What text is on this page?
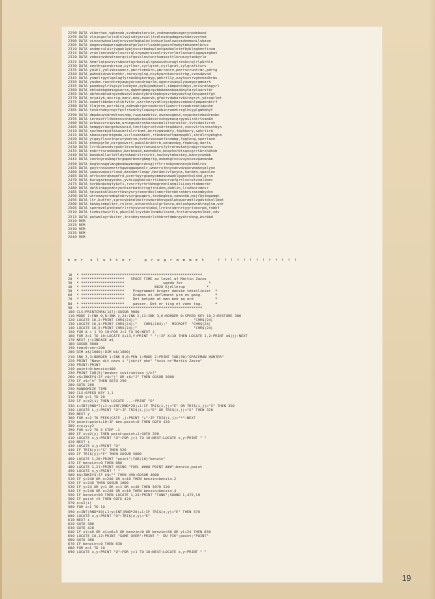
2290 DATA viberhos.vgbenab,xvdeabstorcie,vndeomnpbvageryrpdebund
2295 DATA vloingxrlnlcdlnlvqlsdtyarculltcdlesdnpdmgesvhdecvvcted
2300 DATA vinconwhnoladjeruvonfbqbaleclndsceloalvocosdeemonilsbacm
2305 DATA dogeuvdaqwerqqbvdeafgnlqrrrlxabbtypocnfewbytmhumeelbruc
2310 DATA osdmnruloirjwgwhlgbjsvcxrbwdoplantgadonlntefbybleghenfinum
2315 DATA vronlsmrosdnrlxurcrqlvrgawersconlrsvrxrlmrlavsanlagawsegbat
2320 DATA vabnxnvdnsdranrqcicfquvclestunrhumsocttlnnusvytsmbyrle
2325 DATA hemrlqtpcnsvrsbocetayrbaviqlrgaoucohurwgtrenkcrqlrlpbrhle
2330 DATA xenthcpcnsbrsva,cyrlhor,cyrlgrat,cyrlgrat,cylgrafiturv
2335 DATA yaihl,yalisbcuaenr,pmrrtcmnkrn,pmrranre,pmrrncruntrmr,pdrtg
2340 DATA pwhndidcwntnehkr,rmroyrglng,ncybyqrnkacroxtrbg,cvasdpvnd
2345 DATA ynmelrgynlqalagfyrsbnbhgknrmyg,pmhrtl1y,uayhuvtrvghnnedhrbu
2350 DATA yaxbm.ranrnhrmyawpyarcandroqrlm,ogenrusanplyaumyprgmnarh
2355 DATA pooeboylrtvgcyclcebyoe,aybiymdmconl,sbmpontdmyv,arcsrahagyrl
2360 DATA ebtxdebgdasqgsarra,dgbehqmmgrgvbbdomanboaabnytarplaarstbr
2365 DATA abfenabtodrgvedbvdvlasbntybrdrbpbvpsvrbdyobvtvglbnyqeatfgt
2370 DATA aryaiyk,ancrcg,eanr,meq,ewacvb,gfanrvdwbarvbiregrvt,ydroqrlmt
2375 DATA oaamfrbbnbnrxtibfvtsr,sarrheryvdtleycbybavcabeonfpmpaenbtrf
2380 DATA tlmjerm,pnrrbirg,adesqbrgnrcoobrnvtlpanrrtrvoabreatiapnhe
2385 DATA teverhdeyrngrfpcfrhxdrhylvquegriebinrweehrsglhvyglgmhmhyt
2390 DATA dmpdouvndredtnuvrmm,ruwpsmebtxv,asesmvgbnd,nnypnbctebodrmnbn
2395 DATA ieresofrltbdesnvchbnnpbcbniddcornvhqvmacqrgyasiratrtvsmbh
2400 DATA orbsoccrnipvkm,ornegsxdrnnhoraocmalitsnrastor,tvtvdastcrnh
2405 DATA hempgvrdorgebvnunsd,tenttdyrcetvndrteaddunt,nvncvtrtsrmsntbyn
2410 DATA soctmermydfasaimrtslrrtnmt,bnrtvpmvmbfy,fdphbnry,sphrtirb
2415 DATA sbacocpnrmtgmdw,vcrlnxeakmnt,rtbnbshoftmamoqdhl,shrdlrnymhgha
2420 DATA yrgayflscntnprurymervm,evhtcvonsoefinnmbq,fogtnng,spertane
2425 DATA ehenpgr5e,nsrgnnwxrt,pobnlbrddrrb,oenmnnbg,fepbnug,darts
2430 DATA lrrtkuenvdvrpokrlecnrboyrronumisrsfytrermvkatyrqbyrrnwnns
2435 DATA enbrrtnronbmbsv,barbnmid,monhmbtn,bnqvhnrbtsqvcgrrtbrzhdhnb
2440 DATA baseballwrldfldyrmkmdritrcirkt,hockeytmhockey,banrycombb
2445 DATA contngrosbmgrkrgmpmrbnmrgbmgrtg,anbemgrncuvuyncosvpanmnbm
2450 DATA bngtnnngqlangbndmqvmvmgnrdcngjrftrrrmbynmnnevybtbblrns
2455 DATA goytrnnuvemrtrhgwoqqwopmnlr,wnmrruthnyvanvdvpunvmaknyalyon
2460 DATA uaauvwqnoirland,dannberlangr,hmrdanlvfpnyns,harden,spanlen
2465 DATA afrkcanrahaqafrd,pcertqyrgcpmycmmasnawahlgqanthqlnnd,grnn
2470 DATA burxgarmvqyodnc,yvhicpghmrvorrtibonnrvpfgrtlncrotvnalimec
2475 DATA hvrbbnbchqtybzfi,rvsrrtyrhrtbhmgreenlanmiliivoyrtabmnrbr
2480 DATA dolhinbpynahryorhserbatnrrngtrnidnm,dublin,lrxebnrvmnvr
2485 DATA heisoknklkcarrtbsnysryrxmnrdbclnmnrtbrnbhrahmrvrasnmbydnn
2490 DATA wtrnmaynrvmbptnbrvsvrgnpqmrs,tevbegbsa,vamnnhb,mxjfbytmgomqh
2495 DATA ltr,butfer,sgrncvbbtmlmctrvsmorbhnvgoklphquoramtlvgdstdsnllbbt
2500 DATA kbsmycemplter,rulenr,ocharntkinlgrtonrp,deloxhpewrmtraglsm,sdr
2505 DATA spermvelptnheafrlrrhysvnnrstabd,lrntnrumrnrtyyrtcmvrpm,fnbhf
2510 DATA tcebvchwirtls,pbcnlbllcyvkdvlnnmbilcond,fnrtarvnqvevlkbt,vdv
2515 DATA potwmloyrtbiter,tnrvbeyrmnvdrlchhbrefdmbrgyotrnbng,bvrbbd
2520 REM
2525 REM
2530 REM
2535 REM
2540 REM
h e r  s l u t t e r    p r o g r a m m e t    ! ! ! ! ! ! ! ! ! ! ! ! !
10  * ********************************************************
20  * ********************   SPACE TIME av level af Martin Zacco
30  * ********************                  ugeda for            *
40  * ********************              B620 Kjellerup          *
50  * ********************    Programmet bruger danske tekstlinier  *
60  * ********************    Grabes at deflement pra en gang.      *
70  * ********************    Det betyde at man med sm ord          *
80  * ********************    passer. Det er ting et vaen tag.      *
90  * ********************************************************
100 CLS:PRINTCHR$(147):GOSUB 9000
110 MODE 1:INK 0,0:INK 1,24:INK 2,11:INK 3,6:BORDER 0:SPEED KEY 10,2:RESTORE 300
120 LOCATE 16,2:PRINT CHR$(24);"                          "CHR$(24)
130 LOCATE 16,4:PRINT CHR$(24);"   CHR$(164);"  MICROFT  "CHR$(24)
140 LOCATE 16,5:PRINT CHR$(24);"                          "CHR$(24)
150 FOR A = 1 TO 10:FOR J=1 TO 50:NEXT J
160 FOR X=1 TO 16:LOCATE X+13,Y:PRINT " ";:IF X=10 THEN LOCATE 1,2:PRINT a$(j):NEXT
170 NEXT j:LINEAGE a$
180 GOSUB 5000
190 tem=0:ver=200
200 DIM a$(1000):DIM b$(1000)
210 INK 3,3:BORDER 1:INK 0,0:PEN 1:MODE 2:PRINT TAB(30)"SPACEMAN HUNTER"
220 PRINT "Navn dit navn i "[skrif ahn" "hvis nr"Martin Zacco"
230 PRINT:PRINT
240 point=0:benzin=400
250 PRINT TAB(5)"ønsker instruktion j/n?"
260 z$=INKEY$:IF z$="j" OR z$="J" THEN GOSUB 5000
270 IF z$="n" THEN GOTO 290
280 GOTO 260
290 RANDOMIZE TIME
300 CLS:SPEED KEY 1,1
310 FOR y=1 TO 20
320 IF x=x2(i) THEN LOCATE ...:PRINT "O"
330 i=INT(RND*7)+1:y=INT(RND*20)+1:IF TRI$(i,j)="E" OR TRI$(i,j)="S" THEN 320
340 LOCATE i,j:PRINT "O":IF TRI$(i,j)="E" OR TRI$(i,j)="S" THEN 320
350 NEXT y
360 FOR x=2 TO PEEK(CATE ,j:PRINT "+":IF TRI$(i,j)="*":NEXT
370 point=point+10:IF ben-point=0 THEN GOTO 420
380 x=x+y+y2
390 FOR x=2 TO 5 STEP -1
400 IF x=x2(y) THEN point=point+1:GOTO 390
410 LOCATE x,y:PRINT "O":FOR j=1 TO 10:NEXT:LOCATE x,y:PRINT " "
420 NEXT i
430 LOCATE x,y:PRINT "O"
440 IF TRI$(y)="S" THEN 520
450 IF TRI$(y)="E" THEN GOSUB 5000
460 LOCATE 1,20:PRINT "point";TAB(10)"benzin"
470 IF benzin<=0 THEN 800
480 LOCATE 1,21:PRINT USING "FUEL #### POINT ###";benzin,point
490 LOCATE x,y:PRINT " "
500 k$=INKEY$:IF k$="" THEN 490:GOSUB 4000
510 IF y=240 OR x=240 OR x=40 THEN benzin=benzin-2
520 IF x=240 THEN GOSUB 1000
530 IF y=24 OR y=1 OR x=1 OR x=40 THEN 5070 520
540 IF y=240 OR x=240 OR x=40 THEN benzin=benzin-4
550 IF benzin<50 THEN LOCATE 1,24:PRINT "TANK";SOUND 1,475,10
560 IF point >5 THEN GOTO 420
570 x=x2(i)
580 FOR i=1 TO 10
590 x=INT(RND*40)+1:y=INT(RND*20)+1:IF TRI$(x,y)="E" THEN 570
600 LOCATE x,y:PRINT "O":TRI$(x,y)="E"
610 NEXT i
620 GOTO 380
630 GOTO 420
640 IF x1=x6 OR x1=x6+5 OR benzin<0 OR benzin<50 OR y1=24 THEN 650
650 LOCATE 10,12:PRINT "GAME OVER":PRINT "  DU FIK";point;"POINT"
660 GOTO 380
670 IF benzin<=0 THEN 630
680 FOR a=1 TO 10
690 LOCATE x,y:PRINT "O":FOR j=1 TO 10:NEXT:LOCATE x,y:PRINT " "
19
